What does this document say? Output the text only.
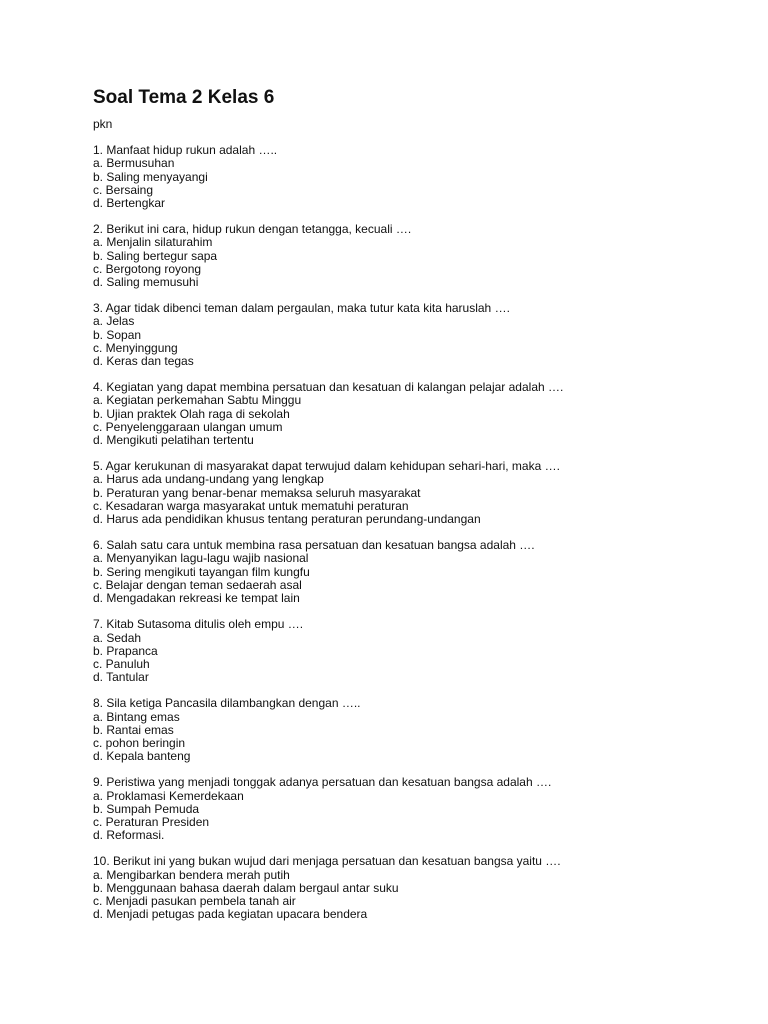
Soal Tema 2 Kelas 6
pkn
1. Manfaat hidup rukun adalah …..
a. Bermusuhan
b. Saling menyayangi
c. Bersaing
d. Bertengkar
2. Berikut ini cara, hidup rukun dengan tetangga, kecuali ….
a. Menjalin silaturahim
b. Saling bertegur sapa
c. Bergotong royong
d. Saling memusuhi
3. Agar tidak dibenci teman dalam pergaulan, maka tutur kata kita haruslah ….
a. Jelas
b. Sopan
c. Menyinggung
d. Keras dan tegas
4. Kegiatan yang dapat membina persatuan dan kesatuan di kalangan pelajar adalah ….
a. Kegiatan perkemahan Sabtu Minggu
b. Ujian praktek Olah raga di sekolah
c. Penyelenggaraan ulangan umum
d. Mengikuti pelatihan tertentu
5. Agar kerukunan di masyarakat dapat terwujud dalam kehidupan sehari-hari, maka ….
a. Harus ada undang-undang yang lengkap
b. Peraturan yang benar-benar memaksa seluruh masyarakat
c. Kesadaran warga masyarakat untuk mematuhi peraturan
d. Harus ada pendidikan khusus tentang peraturan perundang-undangan
6. Salah satu cara untuk membina rasa persatuan dan kesatuan bangsa adalah ….
a. Menyanyikan lagu-lagu wajib nasional
b. Sering mengikuti tayangan film kungfu
c. Belajar dengan teman sedaerah asal
d. Mengadakan rekreasi ke tempat lain
7. Kitab Sutasoma ditulis oleh empu ….
a. Sedah
b. Prapanca
c. Panuluh
d. Tantular
8. Sila ketiga Pancasila dilambangkan dengan …..
a. Bintang emas
b. Rantai emas
c. pohon beringin
d. Kepala banteng
9. Peristiwa yang menjadi tonggak adanya persatuan dan kesatuan bangsa adalah ….
a. Proklamasi Kemerdekaan
b. Sumpah Pemuda
c. Peraturan Presiden
d. Reformasi.
10. Berikut ini yang bukan wujud dari menjaga persatuan dan kesatuan bangsa yaitu ….
a. Mengibarkan bendera merah putih
b. Menggunaan bahasa daerah dalam bergaul antar suku
c. Menjadi pasukan pembela tanah air
d. Menjadi petugas pada kegiatan upacara bendera
